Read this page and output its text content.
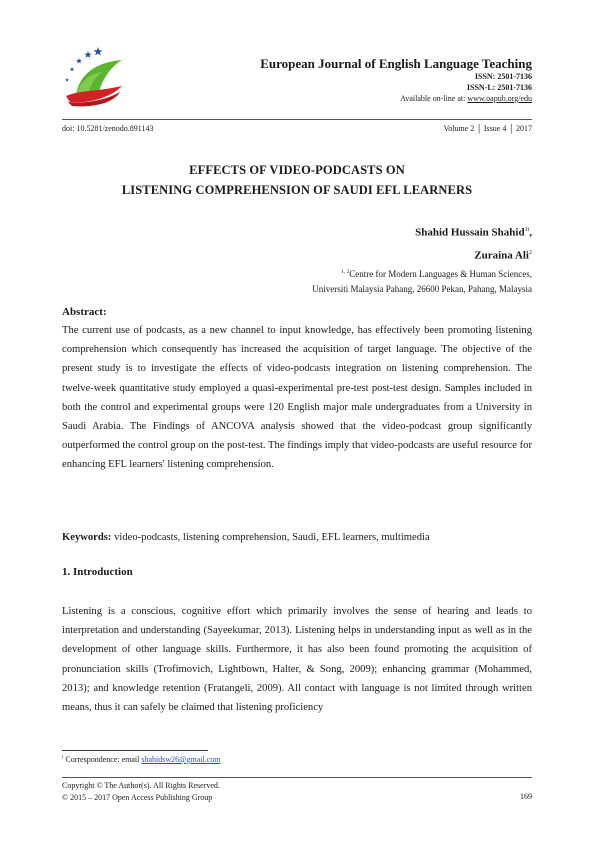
European Journal of English Language Teaching
ISSN: 2501-7136
ISSN-L: 2501-7136
Available on-line at: www.oapub.org/edu
doi: 10.5281/zenodo.891143	Volume 2 │ Issue 4 │ 2017
EFFECTS OF VIDEO-PODCASTS ON
LISTENING COMPREHENSION OF SAUDI EFL LEARNERS
Shahid Hussain Shahid$^{1i}$,
Zuraina Ali$^2$
$^{1, 2}$Centre for Modern Languages & Human Sciences,
Universiti Malaysia Pahang, 26600 Pekan, Pahang, Malaysia
Abstract:
The current use of podcasts, as a new channel to input knowledge, has effectively been promoting listening comprehension which consequently has increased the acquisition of target language. The objective of the present study is to investigate the effects of video-podcasts integration on listening comprehension. The twelve-week quantitative study employed a quasi-experimental pre-test post-test design. Samples included in both the control and experimental groups were 120 English major male undergraduates from a University in Saudi Arabia. The Findings of ANCOVA analysis showed that the video-podcast group significantly outperformed the control group on the post-test. The findings imply that video-podcasts are useful resource for enhancing EFL learners' listening comprehension.
Keywords: video-podcasts, listening comprehension, Saudi, EFL learners, multimedia
1. Introduction
Listening is a conscious, cognitive effort which primarily involves the sense of hearing and leads to interpretation and understanding (Sayeekumar, 2013). Listening helps in understanding input as well as in the development of other language skills. Furthermore, it has also been found promoting the acquisition of pronunciation skills (Trofimovich, Lightbown, Halter, & Song, 2009); enhancing grammar (Mohammed, 2013); and knowledge retention (Fratangeli, 2009). All contact with language is not limited through written means, thus it can safely be claimed that listening proficiency
$^i$ Correspondence: email shahidsw26@gmail.com
Copyright © The Author(s). All Rights Reserved.
© 2015 – 2017 Open Access Publishing Group	169
